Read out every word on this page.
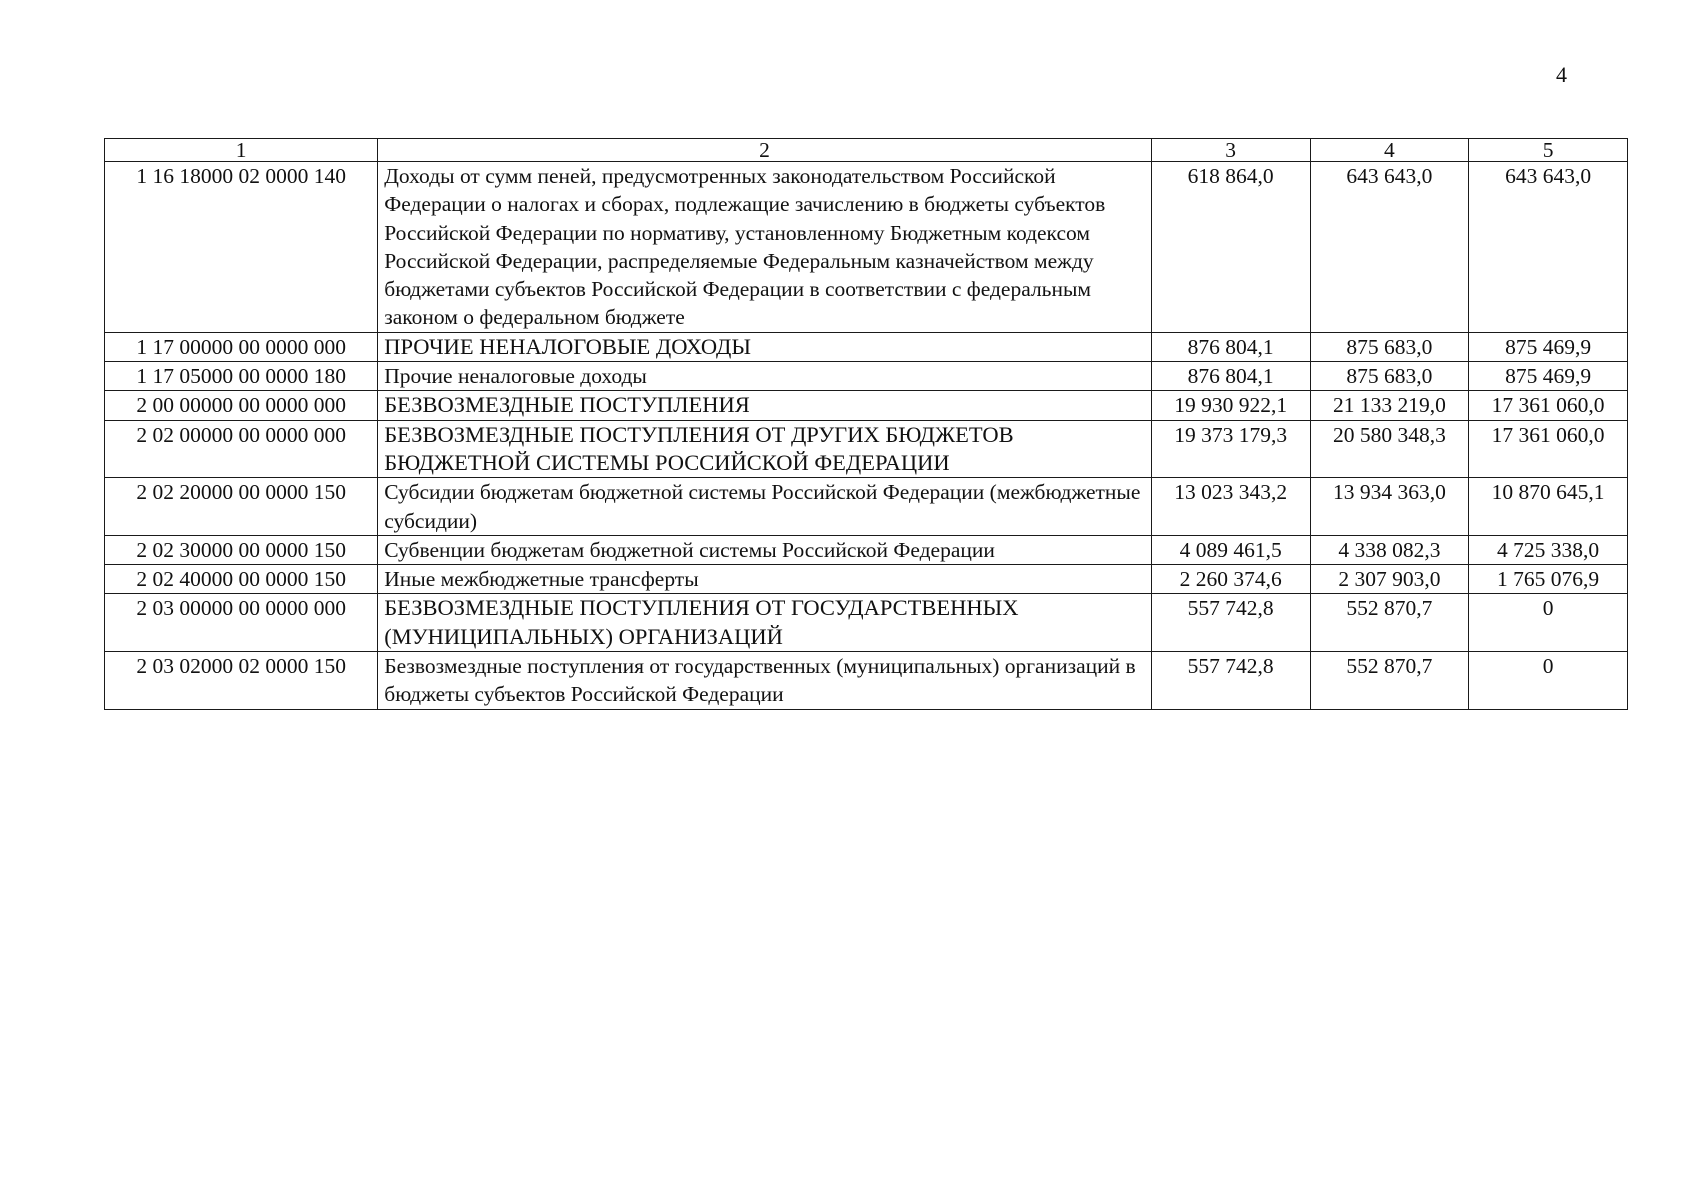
4
1	2	3	4	5
1 16 18000 02 0000 140	Доходы от сумм пеней, предусмотренных законодательством Российской Федерации о налогах и сборах, подлежащие зачислению в бюджеты субъектов Российской Федерации по нормативу, установленному Бюджетным кодексом Российской Федерации, распределяемые Федеральным казначейством между бюджетами субъектов Российской Федерации в соответствии с федеральным законом о федеральном бюджете	618 864,0	643 643,0	643 643,0
1 17 00000 00 0000 000	ПРОЧИЕ НЕНАЛОГОВЫЕ ДОХОДЫ	876 804,1	875 683,0	875 469,9
1 17 05000 00 0000 180	Прочие неналоговые доходы	876 804,1	875 683,0	875 469,9
2 00 00000 00 0000 000	БЕЗВОЗМЕЗДНЫЕ ПОСТУПЛЕНИЯ	19 930 922,1	21 133 219,0	17 361 060,0
2 02 00000 00 0000 000	БЕЗВОЗМЕЗДНЫЕ ПОСТУПЛЕНИЯ ОТ ДРУГИХ БЮДЖЕТОВ БЮДЖЕТНОЙ СИСТЕМЫ РОССИЙСКОЙ ФЕДЕРАЦИИ	19 373 179,3	20 580 348,3	17 361 060,0
2 02 20000 00 0000 150	Субсидии бюджетам бюджетной системы Российской Федерации (межбюджетные субсидии)	13 023 343,2	13 934 363,0	10 870 645,1
2 02 30000 00 0000 150	Субвенции бюджетам бюджетной системы Российской Федерации	4 089 461,5	4 338 082,3	4 725 338,0
2 02 40000 00 0000 150	Иные межбюджетные трансферты	2 260 374,6	2 307 903,0	1 765 076,9
2 03 00000 00 0000 000	БЕЗВОЗМЕЗДНЫЕ ПОСТУПЛЕНИЯ ОТ ГОСУДАРСТВЕННЫХ (МУНИЦИПАЛЬНЫХ) ОРГАНИЗАЦИЙ	557 742,8	552 870,7	0
2 03 02000 02 0000 150	Безвозмездные поступления от государственных (муниципальных) организаций в бюджеты субъектов Российской Федерации	557 742,8	552 870,7	0
